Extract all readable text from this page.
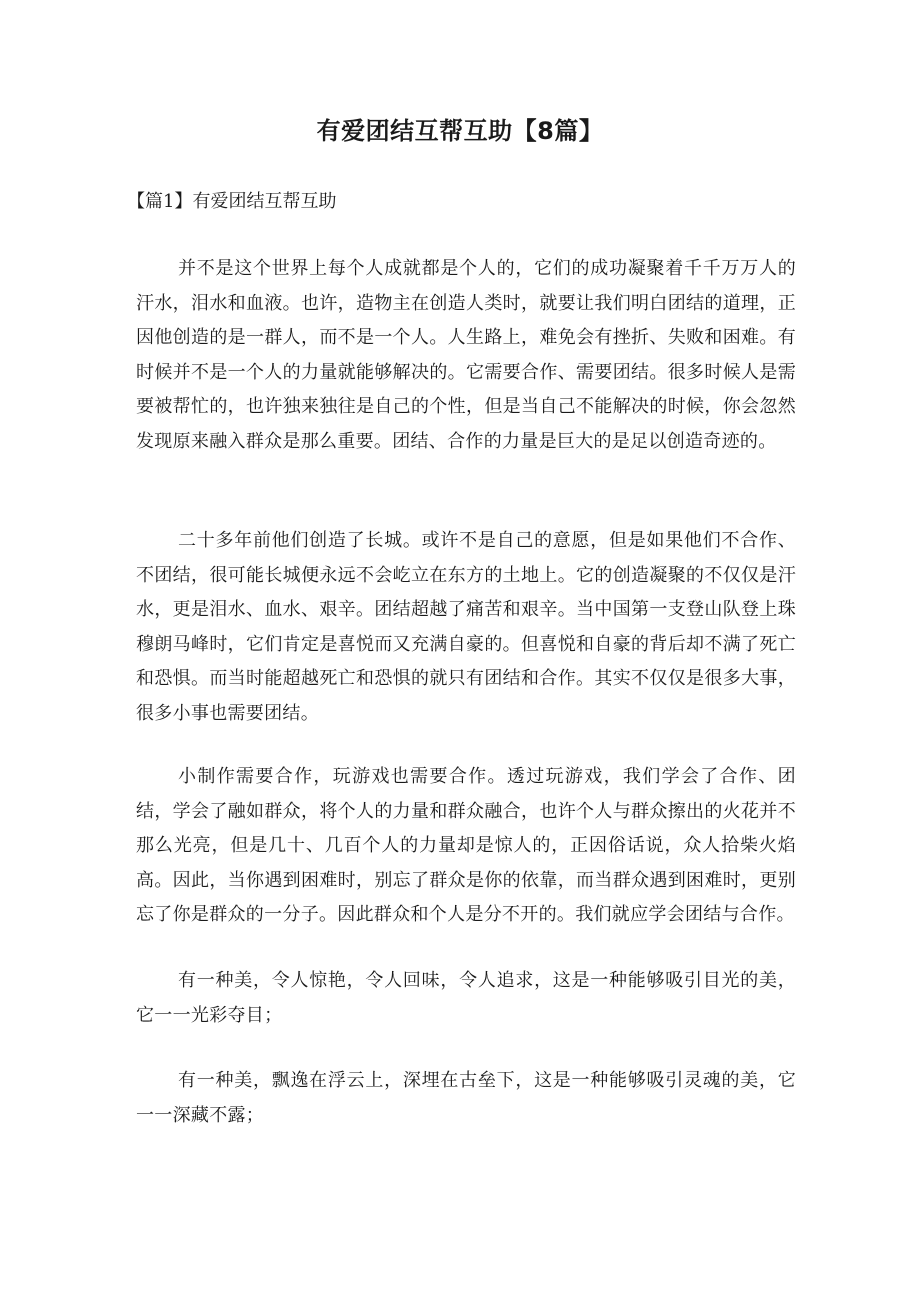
有爱团结互帮互助【8篇】
【篇1】有爱团结互帮互助

并不是这个世界上每个人成就都是个人的，它们的成功凝聚着千千万万人的汗水，泪水和血液。也许，造物主在创造人类时，就要让我们明白团结的道理，正因他创造的是一群人，而不是一个人。人生路上，难免会有挫折、失败和困难。有时候并不是一个人的力量就能够解决的。它需要合作、需要团结。很多时候人是需要被帮忙的，也许独来独往是自己的个性，但是当自己不能解决的时候，你会忽然发现原来融入群众是那么重要。团结、合作的力量是巨大的是足以创造奇迹的。

二十多年前他们创造了长城。或许不是自己的意愿，但是如果他们不合作、不团结，很可能长城便永远不会屹立在东方的土地上。它的创造凝聚的不仅仅是汗水，更是泪水、血水、艰辛。团结超越了痛苦和艰辛。当中国第一支登山队登上珠穆朗马峰时，它们肯定是喜悦而又充满自豪的。但喜悦和自豪的背后却不满了死亡和恐惧。而当时能超越死亡和恐惧的就只有团结和合作。其实不仅仅是很多大事，很多小事也需要团结。

小制作需要合作，玩游戏也需要合作。透过玩游戏，我们学会了合作、团结，学会了融如群众，将个人的力量和群众融合，也许个人与群众擦出的火花并不那么光亮，但是几十、几百个人的力量却是惊人的，正因俗话说，众人拾柴火焰高。因此，当你遇到困难时，别忘了群众是你的依靠，而当群众遇到困难时，更别忘了你是群众的一分子。因此群众和个人是分不开的。我们就应学会团结与合作。

有一种美，令人惊艳，令人回味，令人追求，这是一种能够吸引目光的美，它一一光彩夺目；

有一种美，飘逸在浮云上，深埋在古垒下，这是一种能够吸引灵魂的美，它一一深藏不露；
